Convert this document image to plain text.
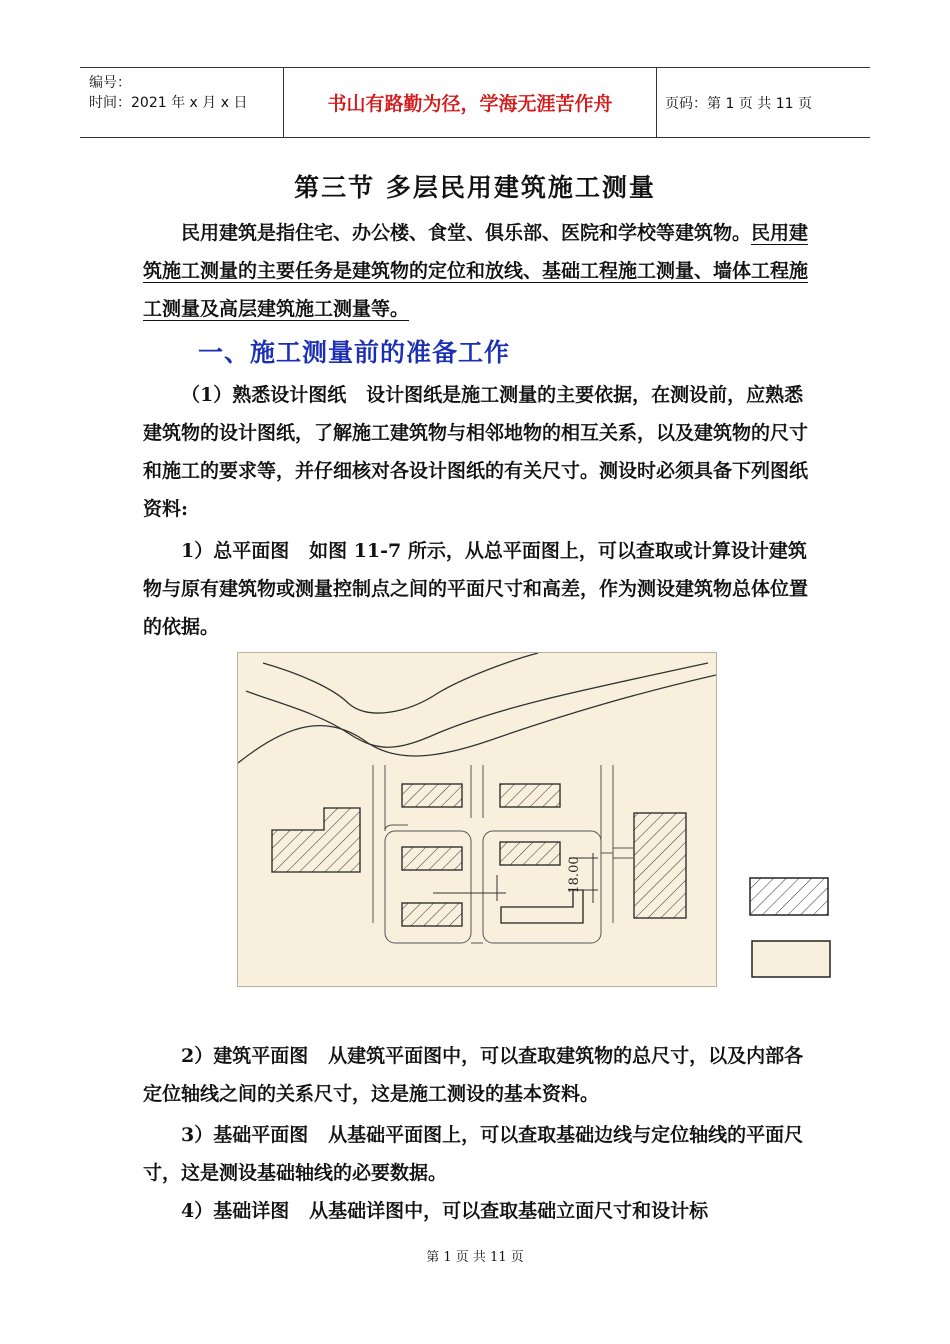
编号：
时间：2021 年 x 月 x 日	书山有路勤为径，学海无涯苦作舟	页码：第 1 页 共 11 页
第三节 多层民用建筑施工测量
民用建筑是指住宅、办公楼、食堂、俱乐部、医院和学校等建筑物。民用建筑施工测量的主要任务是建筑物的定位和放线、基础工程施工测量、墙体工程施工测量及高层建筑施工测量等。
一、施工测量前的准备工作
（1）熟悉设计图纸 设计图纸是施工测量的主要依据，在测设前，应熟悉建筑物的设计图纸，了解施工建筑物与相邻地物的相互关系，以及建筑物的尺寸和施工的要求等，并仔细核对各设计图纸的有关尺寸。测设时必须具备下列图纸资料:
1）总平面图 如图 11-7 所示，从总平面图上，可以查取或计算设计建筑物与原有建筑物或测量控制点之间的平面尺寸和高差，作为测设建筑物总体位置的依据。
18.00
2）建筑平面图 从建筑平面图中，可以查取建筑物的总尺寸，以及内部各定位轴线之间的关系尺寸，这是施工测设的基本资料。
3）基础平面图 从基础平面图上，可以查取基础边线与定位轴线的平面尺寸，这是测设基础轴线的必要数据。
4）基础详图 从基础详图中，可以查取基础立面尺寸和设计标
第 1 页 共 11 页
